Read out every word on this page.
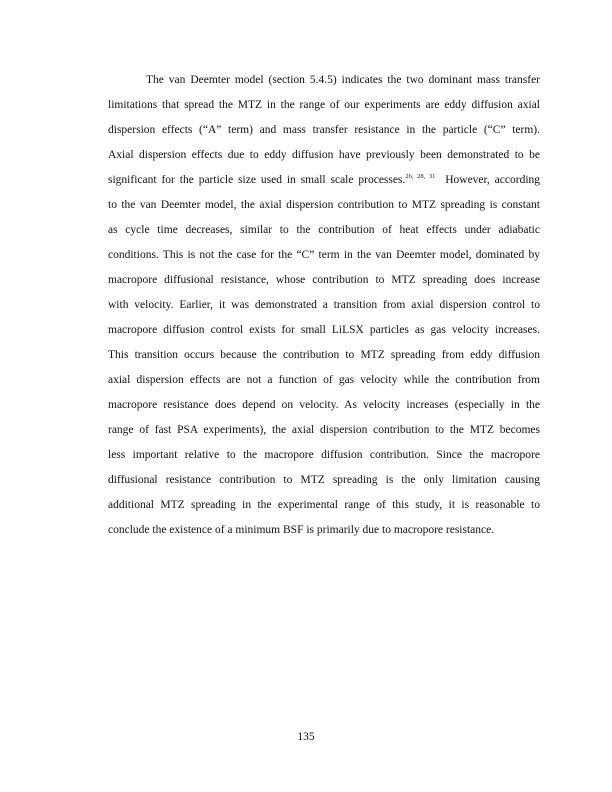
The van Deemter model (section 5.4.5) indicates the two dominant mass transfer
limitations that spread the MTZ in the range of our experiments are eddy diffusion axial
dispersion effects (“A” term) and mass transfer resistance in the particle (“C” term).
Axial dispersion effects due to eddy diffusion have previously been demonstrated to be
significant for the particle size used in small scale processes.$^{26, 28, 31}$  However, according
to the van Deemter model, the axial dispersion contribution to MTZ spreading is constant
as cycle time decreases, similar to the contribution of heat effects under adiabatic
conditions. This is not the case for the “C” term in the van Deemter model, dominated by
macropore diffusional resistance, whose contribution to MTZ spreading does increase
with velocity. Earlier, it was demonstrated a transition from axial dispersion control to
macropore diffusion control exists for small LiLSX particles as gas velocity increases.
This transition occurs because the contribution to MTZ spreading from eddy diffusion
axial dispersion effects are not a function of gas velocity while the contribution from
macropore resistance does depend on velocity. As velocity increases (especially in the
range of fast PSA experiments), the axial dispersion contribution to the MTZ becomes
less important relative to the macropore diffusion contribution. Since the macropore
diffusional resistance contribution to MTZ spreading is the only limitation causing
additional MTZ spreading in the experimental range of this study, it is reasonable to
conclude the existence of a minimum BSF is primarily due to macropore resistance.

135
